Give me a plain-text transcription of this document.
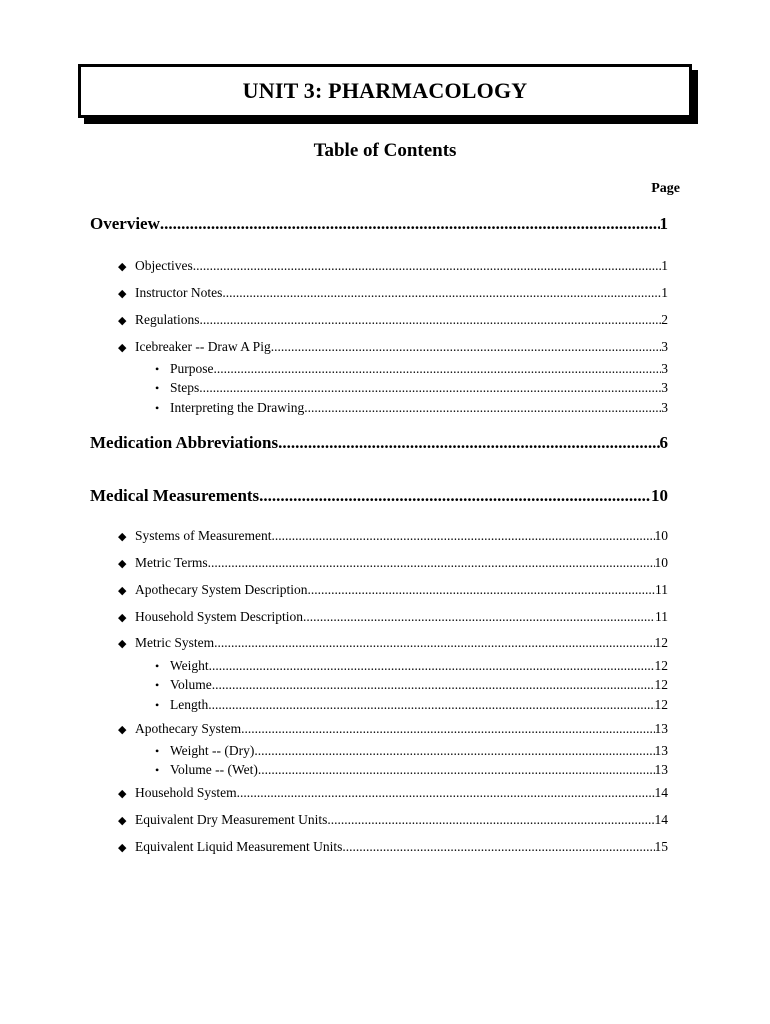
UNIT 3: PHARMACOLOGY
Table of Contents
Page
Overview .....	1
◆ Objectives .....	1
◆ Instructor Notes .....	1
◆ Regulations .....	2
◆ Icebreaker -- Draw A Pig .....	3
• Purpose .....	3
• Steps .....	3
• Interpreting the Drawing .....	3
Medication Abbreviations .....	6
Medical Measurements .....	10
◆ Systems of Measurement .....	10
◆ Metric Terms .....	10
◆ Apothecary System Description .....	11
◆ Household System Description .....	11
◆ Metric System .....	12
• Weight .....	12
• Volume .....	12
• Length .....	12
◆ Apothecary System .....	13
• Weight -- (Dry) .....	13
• Volume -- (Wet) .....	13
◆ Household System .....	14
◆ Equivalent Dry Measurement Units .....	14
◆ Equivalent Liquid Measurement Units .....	15
